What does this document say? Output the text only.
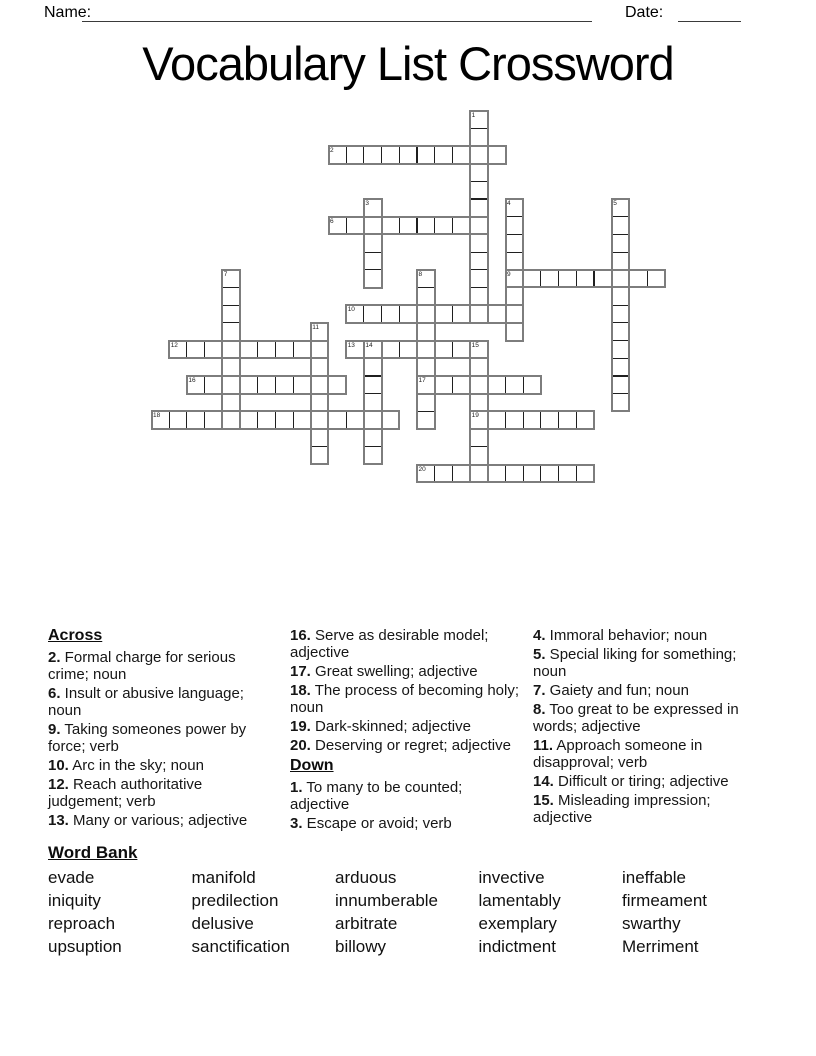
Name:	Date:
Vocabulary List Crossword
1
2
3	4	5
6
7	8	9
10
11
12	13 14	15
16	17
18	19
20
Across

2. Formal charge for serious crime; noun

6. Insult or abusive language; noun

9. Taking someones power by force; verb

10. Arc in the sky; noun

12. Reach authoritative judgement; verb

13. Many or various; adjective

16. Serve as desirable model; adjective

17. Great swelling; adjective

18. The process of becoming holy; noun

19. Dark-skinned; adjective

20. Deserving or regret; adjective

Down

1. To many to be counted; adjective

3. Escape or avoid; verb

4. Immoral behavior; noun

5. Special liking for something; noun

7. Gaiety and fun; noun

8. Too great to be expressed in words; adjective

11. Approach someone in disapproval; verb

14. Difficult or tiring; adjective

15. Misleading impression; adjective

Word Bank
evade
iniquity
reproach
upsuption
manifold
predilection
delusive
sanctification
arduous
innumberable
arbitrate
billowy
invective
lamentably
exemplary
indictment
ineffable
firmeament
swarthy
Merriment
